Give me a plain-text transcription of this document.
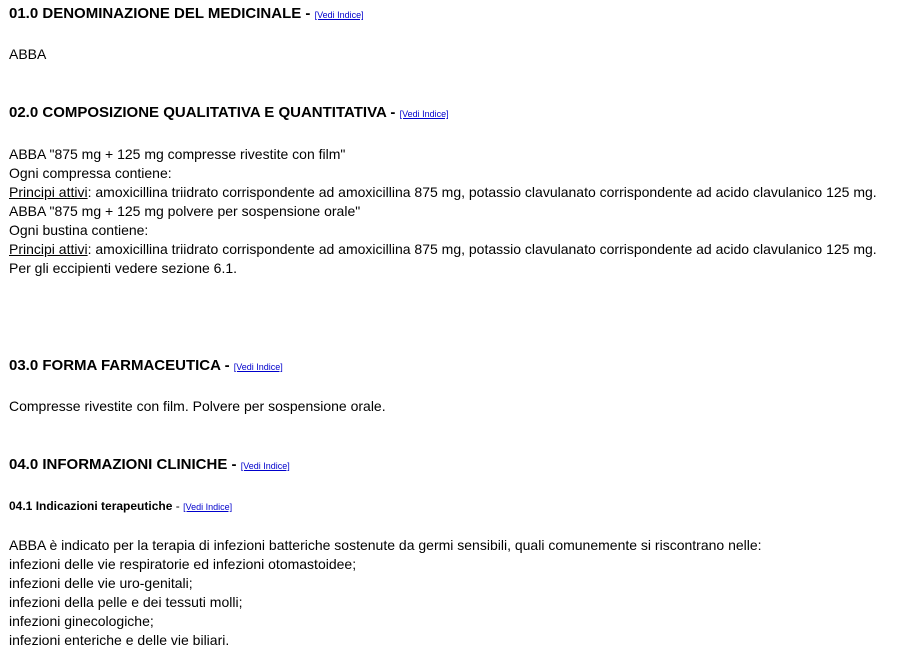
01.0 DENOMINAZIONE DEL MEDICINALE - [Vedi Indice]
ABBA
02.0 COMPOSIZIONE QUALITATIVA E QUANTITATIVA - [Vedi Indice]
ABBA "875 mg + 125 mg compresse rivestite con film"
Ogni compressa contiene:
Principi attivi: amoxicillina triidrato corrispondente ad amoxicillina 875 mg, potassio clavulanato corrispondente ad acido clavulanico 125 mg.
ABBA "875 mg + 125 mg polvere per sospensione orale"
Ogni bustina contiene:
Principi attivi: amoxicillina triidrato corrispondente ad amoxicillina 875 mg, potassio clavulanato corrispondente ad acido clavulanico 125 mg.
Per gli eccipienti vedere sezione 6.1.
03.0 FORMA FARMACEUTICA - [Vedi Indice]
Compresse rivestite con film. Polvere per sospensione orale.
04.0 INFORMAZIONI CLINICHE - [Vedi Indice]
04.1 Indicazioni terapeutiche - [Vedi Indice]
ABBA è indicato per la terapia di infezioni batteriche sostenute da germi sensibili, quali comunemente si riscontrano nelle:
infezioni delle vie respiratorie ed infezioni otomastoidee;
infezioni delle vie uro-genitali;
infezioni della pelle e dei tessuti molli;
infezioni ginecologiche;
infezioni enteriche e delle vie biliari.
